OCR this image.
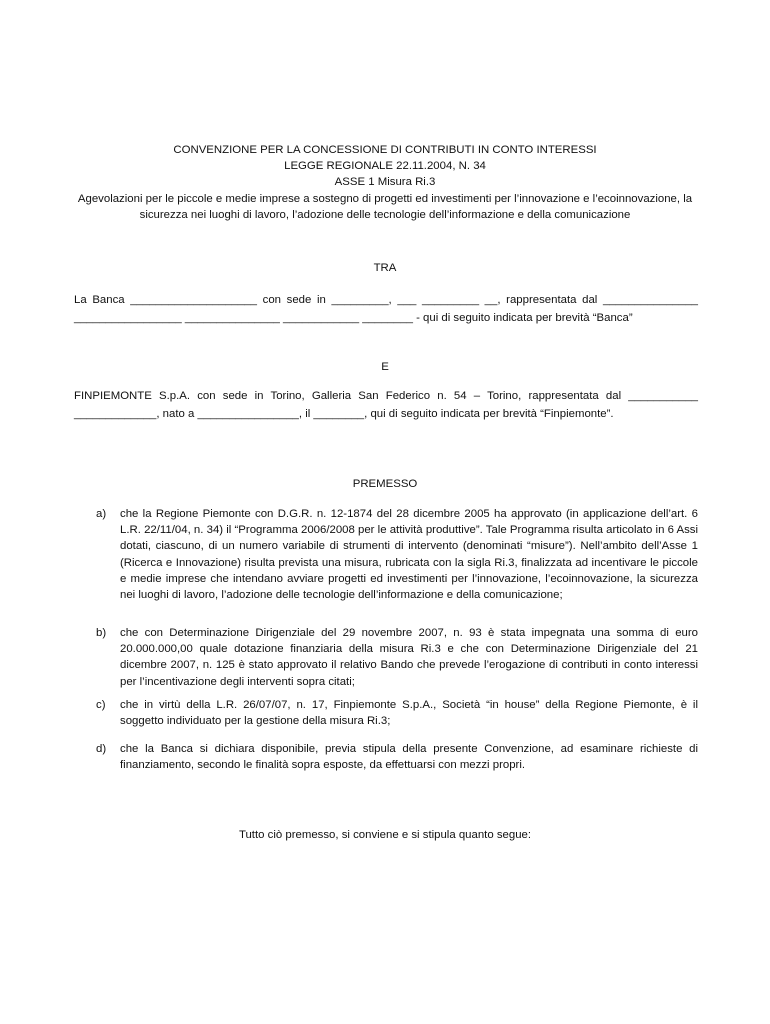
CONVENZIONE PER LA CONCESSIONE DI CONTRIBUTI IN CONTO INTERESSI

LEGGE REGIONALE 22.11.2004, N. 34

ASSE 1 Misura Ri.3

Agevolazioni per le piccole e medie imprese a sostegno di progetti ed investimenti per l’innovazione e l’ecoinnovazione, la sicurezza nei luoghi di lavoro, l’adozione delle tecnologie dell’informazione e della comunicazione

TRA

La Banca ____________________ con sede in _________, ___ _________ __, rappresentata dal _______________ _________________ _______________ ____________ ________ - qui di seguito indicata per brevità “Banca”

E

FINPIEMONTE S.p.A. con sede in Torino, Galleria San Federico n. 54 – Torino, rappresentata dal ___________ _____________, nato a ________________, il ________, qui di seguito indicata per brevità “Finpiemonte”.

PREMESSO
a) che la Regione Piemonte con D.G.R. n. 12-1874 del 28 dicembre 2005 ha approvato (in applicazione dell’art. 6 L.R. 22/11/04, n. 34) il “Programma 2006/2008 per le attività produttive”. Tale Programma risulta articolato in 6 Assi dotati, ciascuno, di un numero variabile di strumenti di intervento (denominati “misure”). Nell’ambito dell’Asse 1 (Ricerca e Innovazione) risulta prevista una misura, rubricata con la sigla Ri.3, finalizzata ad incentivare le piccole e medie imprese che intendano avviare progetti ed investimenti per l’innovazione, l’ecoinnovazione, la sicurezza nei luoghi di lavoro, l’adozione delle tecnologie dell’informazione e della comunicazione;
b) che con Determinazione Dirigenziale del 29 novembre 2007, n. 93 è stata impegnata una somma di euro 20.000.000,00 quale dotazione finanziaria della misura Ri.3 e che con Determinazione Dirigenziale del 21 dicembre 2007, n. 125 è stato approvato il relativo Bando che prevede l’erogazione di contributi in conto interessi per l’incentivazione degli interventi sopra citati;
c) che in virtù della L.R. 26/07/07, n. 17, Finpiemonte S.p.A., Società “in house” della Regione Piemonte, è il soggetto individuato per la gestione della misura Ri.3;
d) che la Banca si dichiara disponibile, previa stipula della presente Convenzione, ad esaminare richieste di finanziamento, secondo le finalità sopra esposte, da effettuarsi con mezzi propri.
Tutto ciò premesso, si conviene e si stipula quanto segue:
